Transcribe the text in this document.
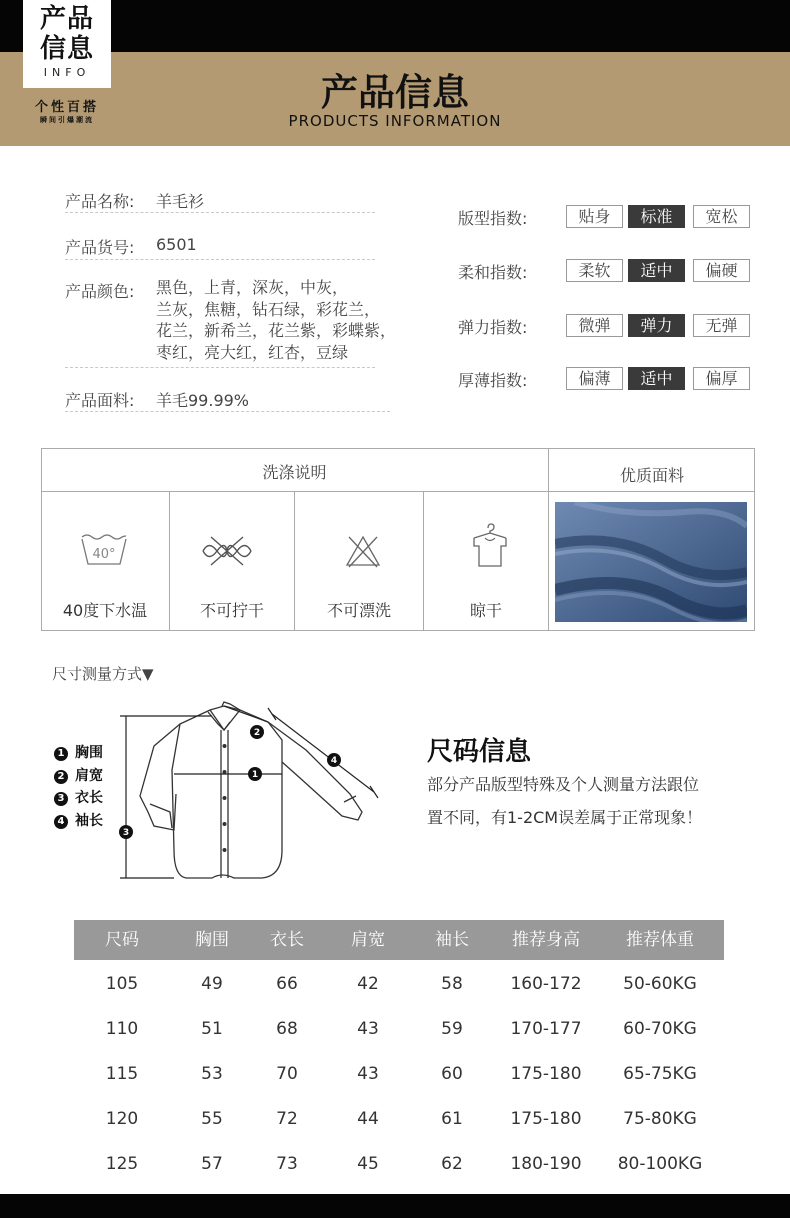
产品
信息
INFO
个性百搭
瞬间引爆潮流
产品信息
PRODUCTS INFORMATION
产品名称: 羊毛衫
产品货号: 6501
产品颜色: 黑色，上青，深灰，中灰，
兰灰，焦糖，钻石绿，彩花兰，
花兰，新希兰，花兰紫，彩蝶紫，
枣红，亮大红，红杏，豆绿
产品面料: 羊毛99.99%
版型指数:	贴身	标准	宽松
柔和指数:	柔软	适中	偏硬
弹力指数:	微弹	弹力	无弹
厚薄指数:	偏薄	适中	偏厚
洗涤说明	优质面料
40°
40度下水温	不可拧干	不可漂洗	晾干
尺寸测量方式▼
1 胸围
2 肩宽
3 衣长
4 袖长
3
1
2
4	尺码信息
部分产品版型特殊及个人测量方法跟位
置不同，有1-2CM误差属于正常现象！
尺码	胸围	衣长	肩宽	袖长	推荐身高	推荐体重
105	49	66	42	58	160-172	50-60KG
110	51	68	43	59	170-177	60-70KG
115	53	70	43	60	175-180	65-75KG
120	55	72	44	61	175-180	75-80KG
125	57	73	45	62	180-190	80-100KG
